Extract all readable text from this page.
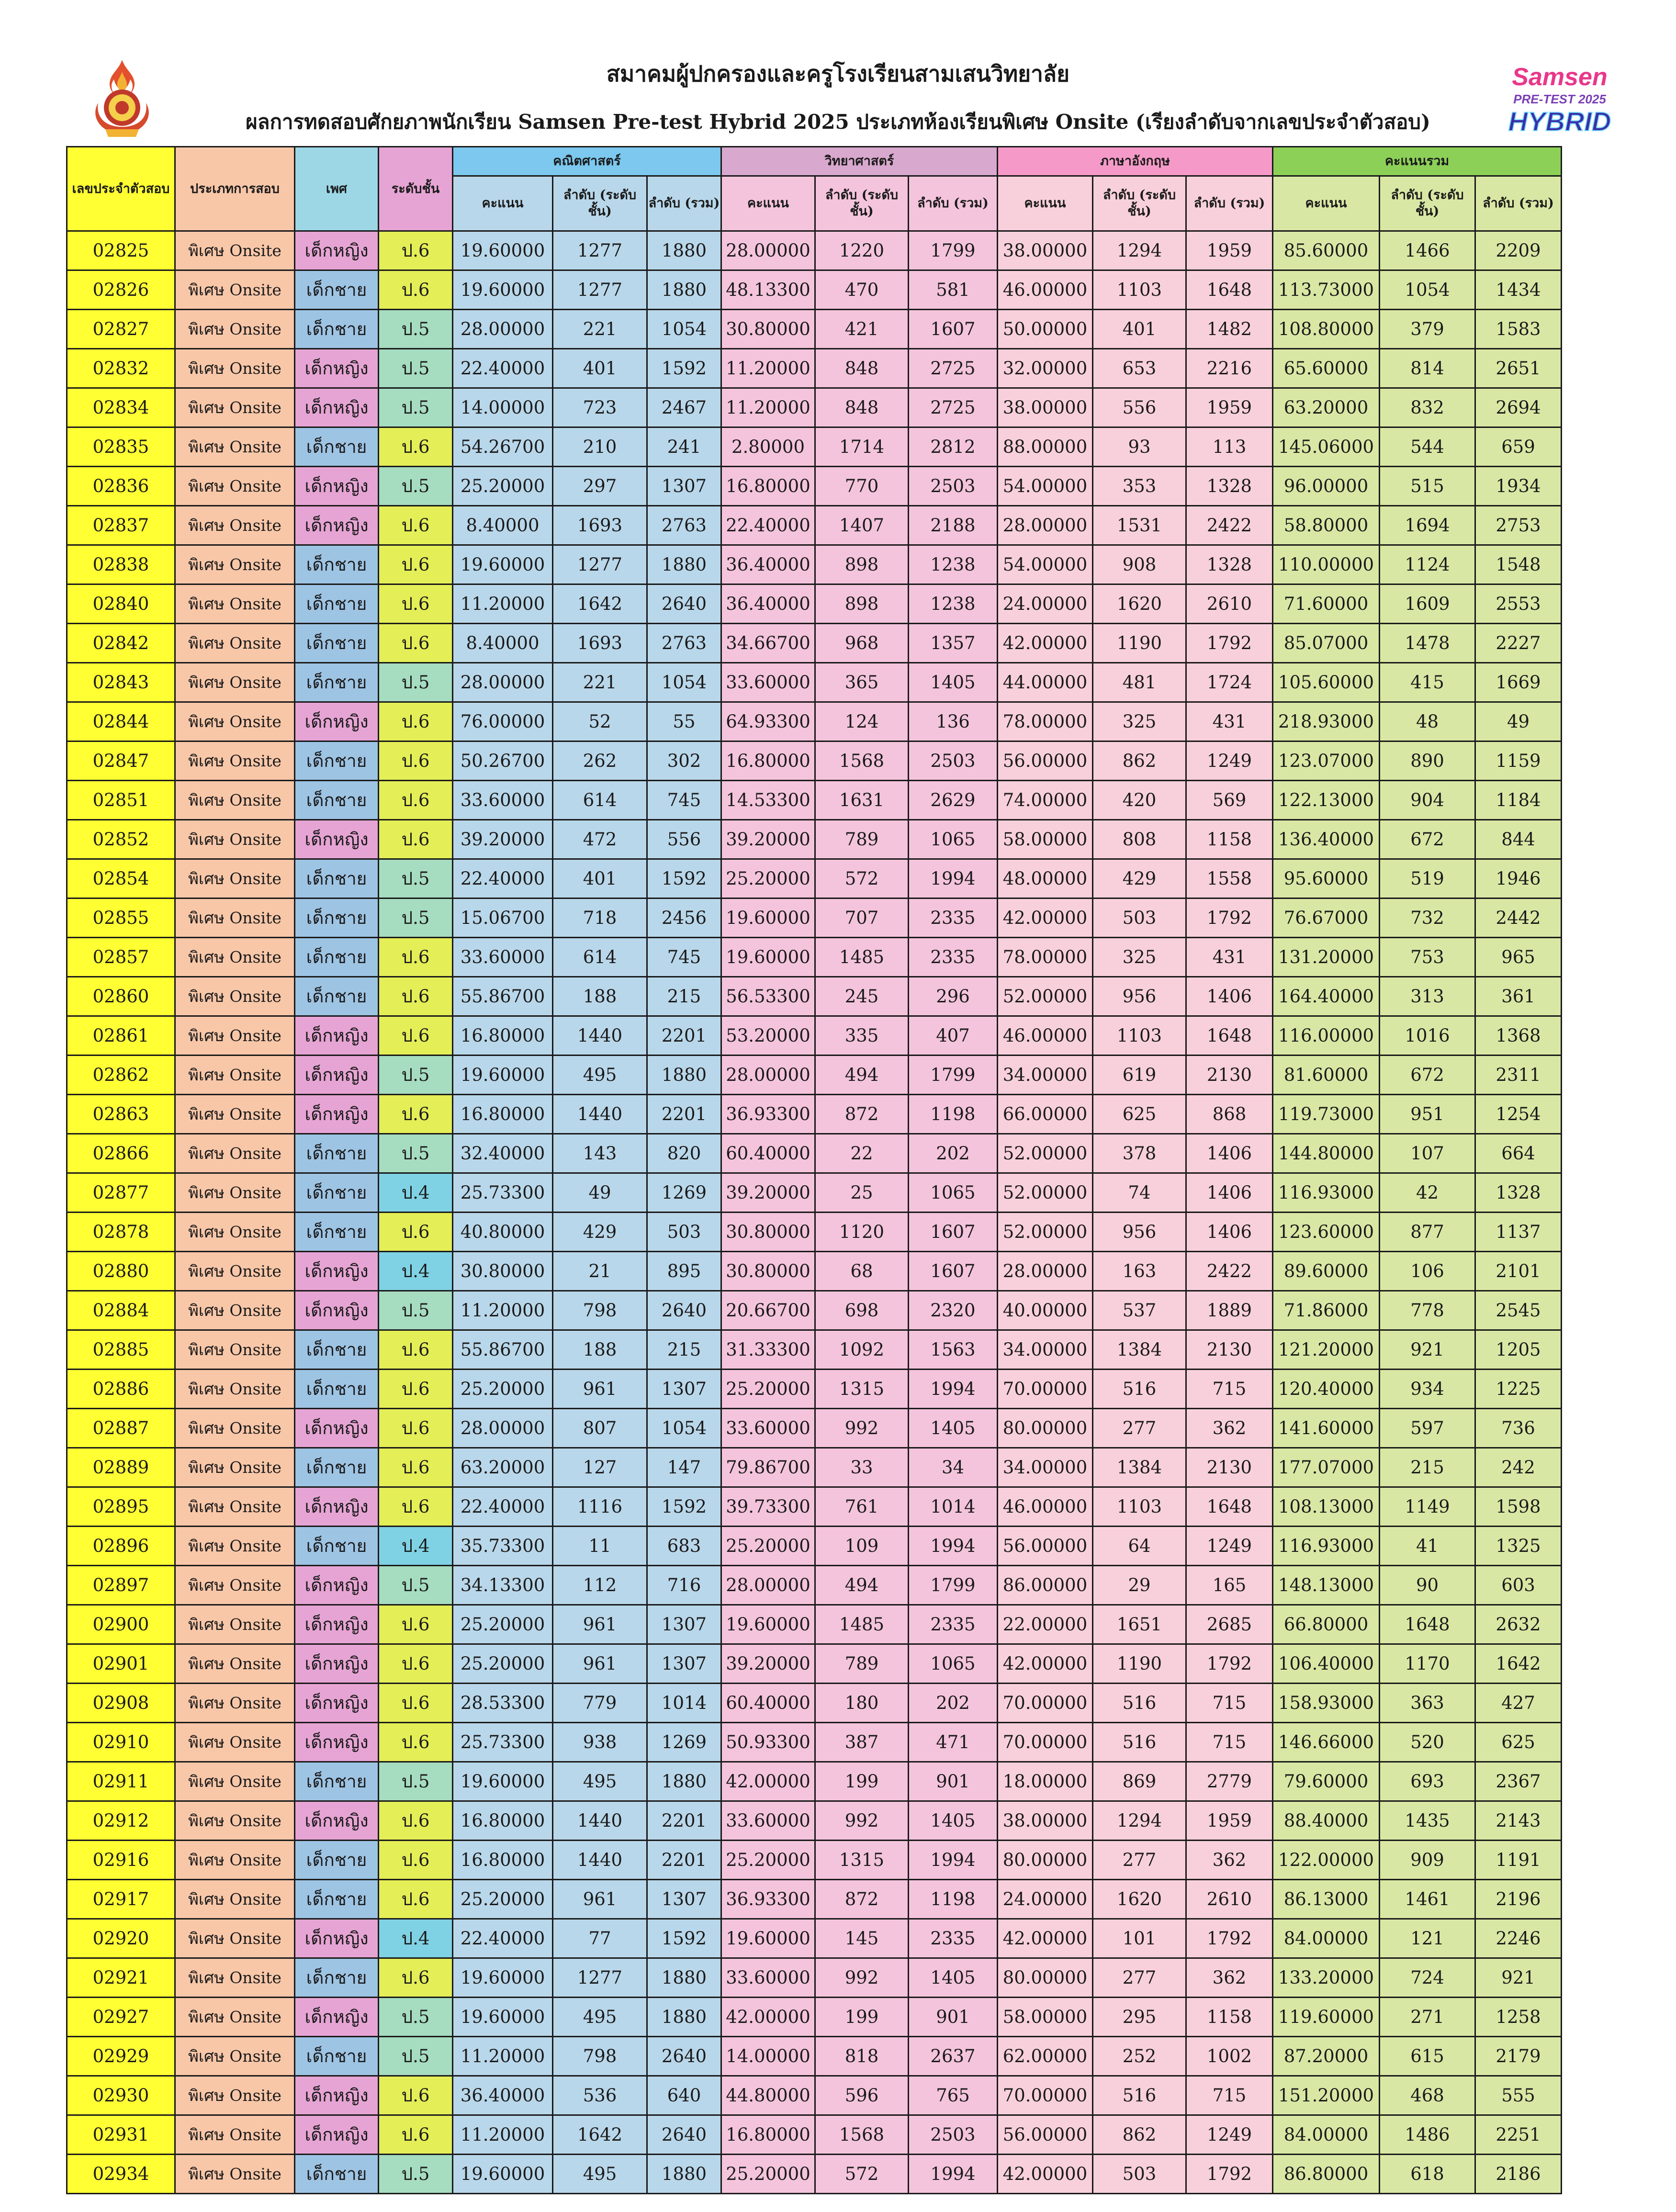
สมาคมผู้ปกครองและครูโรงเรียนสามเสนวิทยาลัย
ผลการทดสอบศักยภาพนักเรียน Samsen Pre-test Hybrid 2025 ประเภทห้องเรียนพิเศษ Onsite (เรียงลำดับจากเลขประจำตัวสอบ)
Samsen
PRE-TEST 2025
HYBRID
เลขประจำตัวสอบ	ประเภทการสอบ	เพศ	ระดับชั้น	คณิตศาสตร์			วิทยาศาสตร์			ภาษาอังกฤษ			คะแนนรวม		
				คะแนน	ลำดับ (ระดับชั้น)	ลำดับ (รวม)	คะแนน	ลำดับ (ระดับชั้น)	ลำดับ (รวม)	คะแนน	ลำดับ (ระดับชั้น)	ลำดับ (รวม)	คะแนน	ลำดับ (ระดับชั้น)	ลำดับ (รวม)
02825	พิเศษ Onsite	เด็กหญิง	ป.6	19.60000	1277	1880	28.00000	1220	1799	38.00000	1294	1959	85.60000	1466	2209
02826	พิเศษ Onsite	เด็กชาย	ป.6	19.60000	1277	1880	48.13300	470	581	46.00000	1103	1648	113.73000	1054	1434
02827	พิเศษ Onsite	เด็กชาย	ป.5	28.00000	221	1054	30.80000	421	1607	50.00000	401	1482	108.80000	379	1583
02832	พิเศษ Onsite	เด็กหญิง	ป.5	22.40000	401	1592	11.20000	848	2725	32.00000	653	2216	65.60000	814	2651
02834	พิเศษ Onsite	เด็กหญิง	ป.5	14.00000	723	2467	11.20000	848	2725	38.00000	556	1959	63.20000	832	2694
02835	พิเศษ Onsite	เด็กชาย	ป.6	54.26700	210	241	2.80000	1714	2812	88.00000	93	113	145.06000	544	659
02836	พิเศษ Onsite	เด็กหญิง	ป.5	25.20000	297	1307	16.80000	770	2503	54.00000	353	1328	96.00000	515	1934
02837	พิเศษ Onsite	เด็กหญิง	ป.6	8.40000	1693	2763	22.40000	1407	2188	28.00000	1531	2422	58.80000	1694	2753
02838	พิเศษ Onsite	เด็กชาย	ป.6	19.60000	1277	1880	36.40000	898	1238	54.00000	908	1328	110.00000	1124	1548
02840	พิเศษ Onsite	เด็กชาย	ป.6	11.20000	1642	2640	36.40000	898	1238	24.00000	1620	2610	71.60000	1609	2553
02842	พิเศษ Onsite	เด็กชาย	ป.6	8.40000	1693	2763	34.66700	968	1357	42.00000	1190	1792	85.07000	1478	2227
02843	พิเศษ Onsite	เด็กชาย	ป.5	28.00000	221	1054	33.60000	365	1405	44.00000	481	1724	105.60000	415	1669
02844	พิเศษ Onsite	เด็กหญิง	ป.6	76.00000	52	55	64.93300	124	136	78.00000	325	431	218.93000	48	49
02847	พิเศษ Onsite	เด็กชาย	ป.6	50.26700	262	302	16.80000	1568	2503	56.00000	862	1249	123.07000	890	1159
02851	พิเศษ Onsite	เด็กชาย	ป.6	33.60000	614	745	14.53300	1631	2629	74.00000	420	569	122.13000	904	1184
02852	พิเศษ Onsite	เด็กหญิง	ป.6	39.20000	472	556	39.20000	789	1065	58.00000	808	1158	136.40000	672	844
02854	พิเศษ Onsite	เด็กชาย	ป.5	22.40000	401	1592	25.20000	572	1994	48.00000	429	1558	95.60000	519	1946
02855	พิเศษ Onsite	เด็กชาย	ป.5	15.06700	718	2456	19.60000	707	2335	42.00000	503	1792	76.67000	732	2442
02857	พิเศษ Onsite	เด็กชาย	ป.6	33.60000	614	745	19.60000	1485	2335	78.00000	325	431	131.20000	753	965
02860	พิเศษ Onsite	เด็กชาย	ป.6	55.86700	188	215	56.53300	245	296	52.00000	956	1406	164.40000	313	361
02861	พิเศษ Onsite	เด็กหญิง	ป.6	16.80000	1440	2201	53.20000	335	407	46.00000	1103	1648	116.00000	1016	1368
02862	พิเศษ Onsite	เด็กหญิง	ป.5	19.60000	495	1880	28.00000	494	1799	34.00000	619	2130	81.60000	672	2311
02863	พิเศษ Onsite	เด็กหญิง	ป.6	16.80000	1440	2201	36.93300	872	1198	66.00000	625	868	119.73000	951	1254
02866	พิเศษ Onsite	เด็กชาย	ป.5	32.40000	143	820	60.40000	22	202	52.00000	378	1406	144.80000	107	664
02877	พิเศษ Onsite	เด็กชาย	ป.4	25.73300	49	1269	39.20000	25	1065	52.00000	74	1406	116.93000	42	1328
02878	พิเศษ Onsite	เด็กชาย	ป.6	40.80000	429	503	30.80000	1120	1607	52.00000	956	1406	123.60000	877	1137
02880	พิเศษ Onsite	เด็กหญิง	ป.4	30.80000	21	895	30.80000	68	1607	28.00000	163	2422	89.60000	106	2101
02884	พิเศษ Onsite	เด็กหญิง	ป.5	11.20000	798	2640	20.66700	698	2320	40.00000	537	1889	71.86000	778	2545
02885	พิเศษ Onsite	เด็กชาย	ป.6	55.86700	188	215	31.33300	1092	1563	34.00000	1384	2130	121.20000	921	1205
02886	พิเศษ Onsite	เด็กชาย	ป.6	25.20000	961	1307	25.20000	1315	1994	70.00000	516	715	120.40000	934	1225
02887	พิเศษ Onsite	เด็กหญิง	ป.6	28.00000	807	1054	33.60000	992	1405	80.00000	277	362	141.60000	597	736
02889	พิเศษ Onsite	เด็กชาย	ป.6	63.20000	127	147	79.86700	33	34	34.00000	1384	2130	177.07000	215	242
02895	พิเศษ Onsite	เด็กหญิง	ป.6	22.40000	1116	1592	39.73300	761	1014	46.00000	1103	1648	108.13000	1149	1598
02896	พิเศษ Onsite	เด็กชาย	ป.4	35.73300	11	683	25.20000	109	1994	56.00000	64	1249	116.93000	41	1325
02897	พิเศษ Onsite	เด็กหญิง	ป.5	34.13300	112	716	28.00000	494	1799	86.00000	29	165	148.13000	90	603
02900	พิเศษ Onsite	เด็กหญิง	ป.6	25.20000	961	1307	19.60000	1485	2335	22.00000	1651	2685	66.80000	1648	2632
02901	พิเศษ Onsite	เด็กหญิง	ป.6	25.20000	961	1307	39.20000	789	1065	42.00000	1190	1792	106.40000	1170	1642
02908	พิเศษ Onsite	เด็กหญิง	ป.6	28.53300	779	1014	60.40000	180	202	70.00000	516	715	158.93000	363	427
02910	พิเศษ Onsite	เด็กหญิง	ป.6	25.73300	938	1269	50.93300	387	471	70.00000	516	715	146.66000	520	625
02911	พิเศษ Onsite	เด็กชาย	ป.5	19.60000	495	1880	42.00000	199	901	18.00000	869	2779	79.60000	693	2367
02912	พิเศษ Onsite	เด็กหญิง	ป.6	16.80000	1440	2201	33.60000	992	1405	38.00000	1294	1959	88.40000	1435	2143
02916	พิเศษ Onsite	เด็กชาย	ป.6	16.80000	1440	2201	25.20000	1315	1994	80.00000	277	362	122.00000	909	1191
02917	พิเศษ Onsite	เด็กชาย	ป.6	25.20000	961	1307	36.93300	872	1198	24.00000	1620	2610	86.13000	1461	2196
02920	พิเศษ Onsite	เด็กหญิง	ป.4	22.40000	77	1592	19.60000	145	2335	42.00000	101	1792	84.00000	121	2246
02921	พิเศษ Onsite	เด็กชาย	ป.6	19.60000	1277	1880	33.60000	992	1405	80.00000	277	362	133.20000	724	921
02927	พิเศษ Onsite	เด็กหญิง	ป.5	19.60000	495	1880	42.00000	199	901	58.00000	295	1158	119.60000	271	1258
02929	พิเศษ Onsite	เด็กชาย	ป.5	11.20000	798	2640	14.00000	818	2637	62.00000	252	1002	87.20000	615	2179
02930	พิเศษ Onsite	เด็กหญิง	ป.6	36.40000	536	640	44.80000	596	765	70.00000	516	715	151.20000	468	555
02931	พิเศษ Onsite	เด็กหญิง	ป.6	11.20000	1642	2640	16.80000	1568	2503	56.00000	862	1249	84.00000	1486	2251
02934	พิเศษ Onsite	เด็กชาย	ป.5	19.60000	495	1880	25.20000	572	1994	42.00000	503	1792	86.80000	618	2186
